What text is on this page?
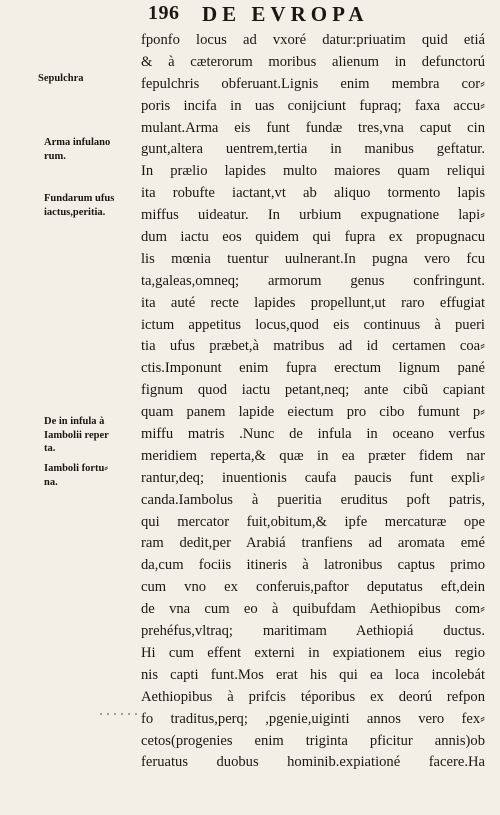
196 DE EVROPA
Sepulchra
Arma infulano
rum.
Fundarum ufus
iactus,peritia.
De in infula à
Iambolii reper
ta.
Iamboli fortu⸗
na.
fponfo locus ad vxoré datur:priuatim quid etiá
& à cæterorum moribus alienum in defunctorú
fepulchris obferuant.Lignis enim membra cor⸗
poris incifa in uas conijciunt fupraq; faxa accu⸗
mulant.Arma eis funt fundæ tres,vna caput cin
gunt,altera uentrem,tertia in manibus geftatur.
In prælio lapides multo maiores quam reliqui
ita robufte iactant,vt ab aliquo tormento lapis
miffus uideatur. In urbium expugnatione lapi⸗
dum iactu eos quidem qui fupra ex propugnacu
lis mœnia tuentur uulnerant.In pugna vero fcu
ta,galeas,omneq; armorum genus confringunt.
ita auté recte lapides propellunt,ut raro effugiat
ictum appetitus locus,quod eis continuus à pueri
tia ufus præbet,à matribus ad id certamen coa⸗
ctis.Imponunt enim fupra erectum lignum pané
fignum quod iactu petant,neq; ante cibũ capiant
quam panem lapide eiectum pro cibo fumunt p⸗
miffu matris .Nunc de infula in oceano verfus
meridiem reperta,& quæ in ea præter fidem nar
rantur,deq; inuentionis caufa paucis funt expli⸗
canda.Iambolus à pueritia eruditus poft patris,
qui mercator fuit,obitum,& ipfe mercaturæ ope
ram dedit,per Arabiá tranfiens ad aromata emé
da,cum fociis itineris à latronibus captus primo
cum vno ex conferuis,paftor deputatus eft,dein
de vna cum eo à quibufdam Aethiopibus com⸗
prehéfus,vltraq; maritimam Aethiopiá ductus.
Hi cum effent externi in expiationem eius regio
nis capti funt.Mos erat his qui ea loca incolebát
Aethiopibus à prifcis téporibus ex deorú refpon
fo traditus,perq; ,pgenie,uiginti annos vero fex⸗
cetos(progenies enim triginta pficitur annis)ob
feruatus duobus hominib.expiationé facere.Ha
